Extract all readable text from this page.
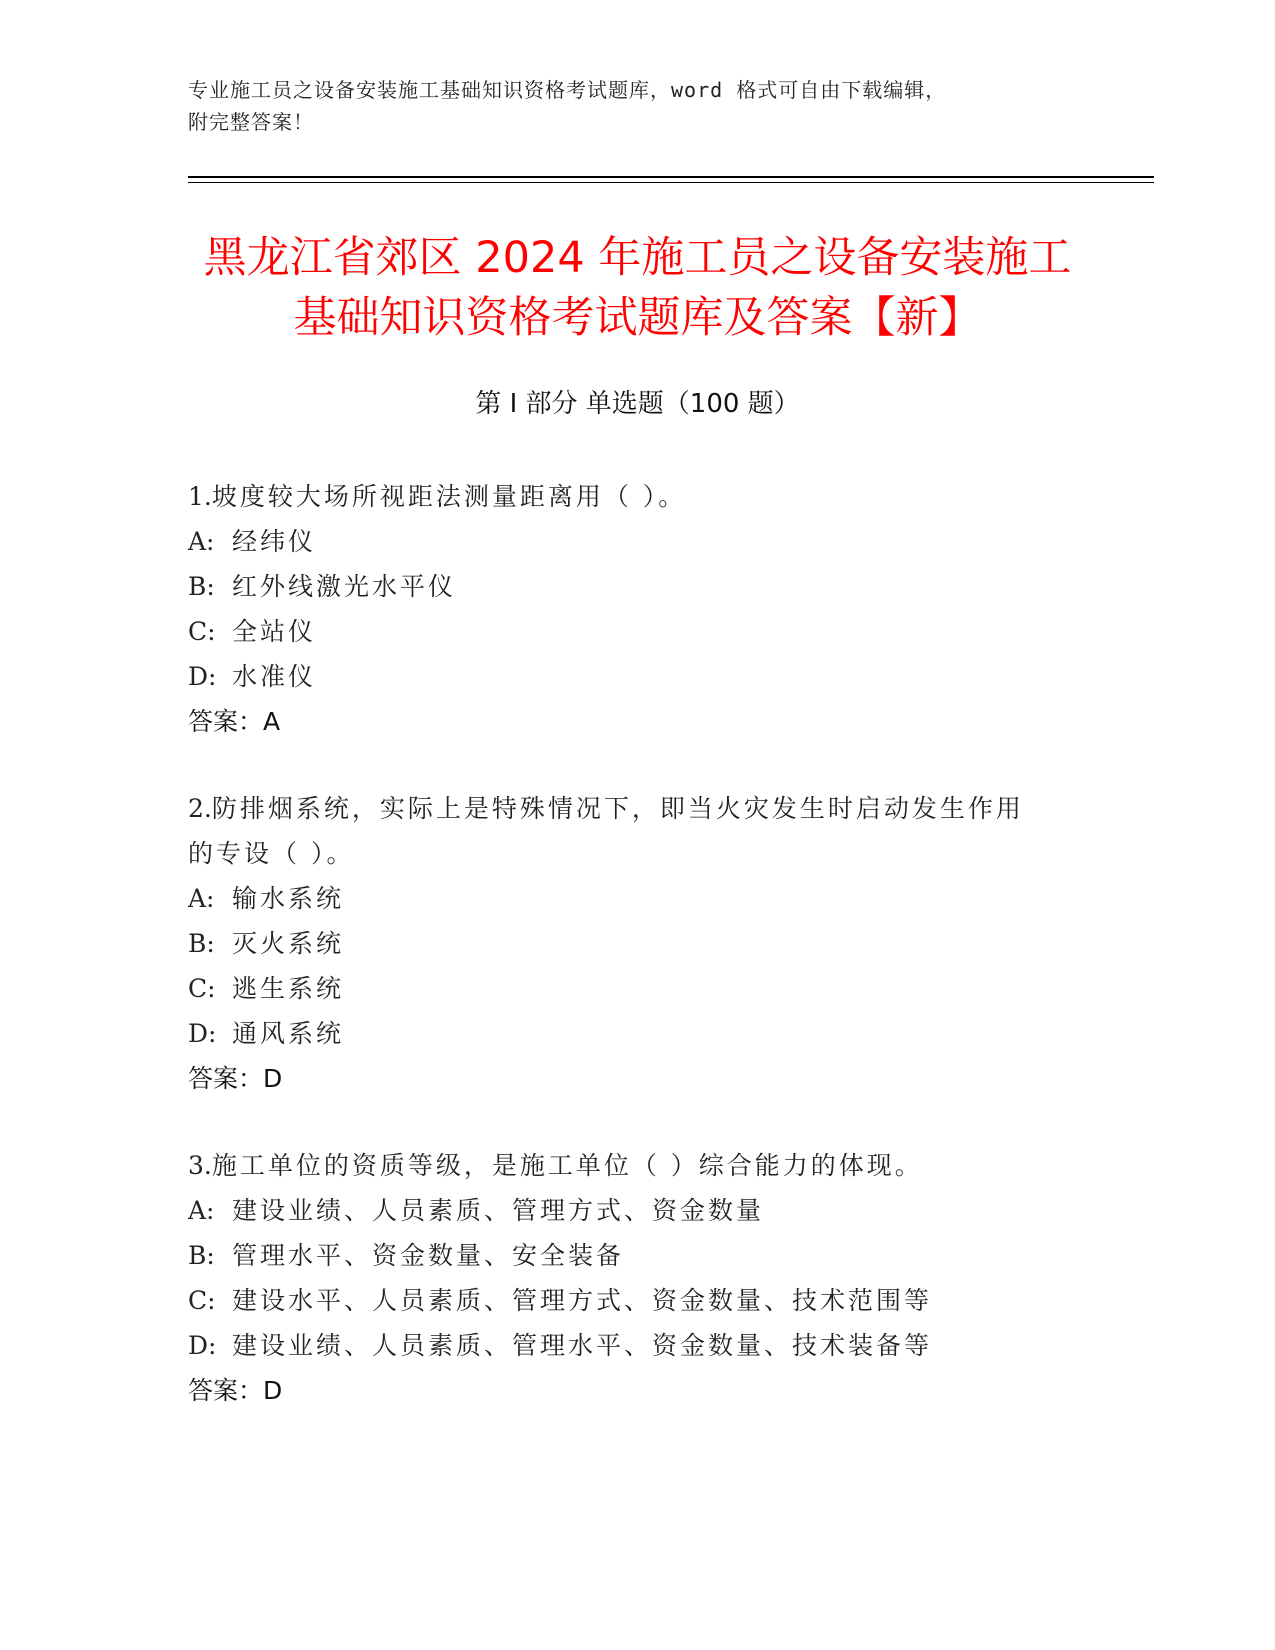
专业施工员之设备安装施工基础知识资格考试题库，word 格式可自由下载编辑，
附完整答案！
黑龙江省郊区 2024 年施工员之设备安装施工
基础知识资格考试题库及答案【新】
第 I 部分 单选题（100 题）

1.坡度较大场所视距法测量距离用（ ）。

A: 经纬仪

B: 红外线激光水平仪

C: 全站仪

D: 水准仪

答案：A

2.防排烟系统，实际上是特殊情况下，即当火灾发生时启动发生作用

的专设（ ）。

A: 输水系统

B: 灭火系统

C: 逃生系统

D: 通风系统

答案：D

3.施工单位的资质等级，是施工单位（ ）综合能力的体现。

A: 建设业绩、人员素质、管理方式、资金数量

B: 管理水平、资金数量、安全装备

C: 建设水平、人员素质、管理方式、资金数量、技术范围等

D: 建设业绩、人员素质、管理水平、资金数量、技术装备等

答案：D
